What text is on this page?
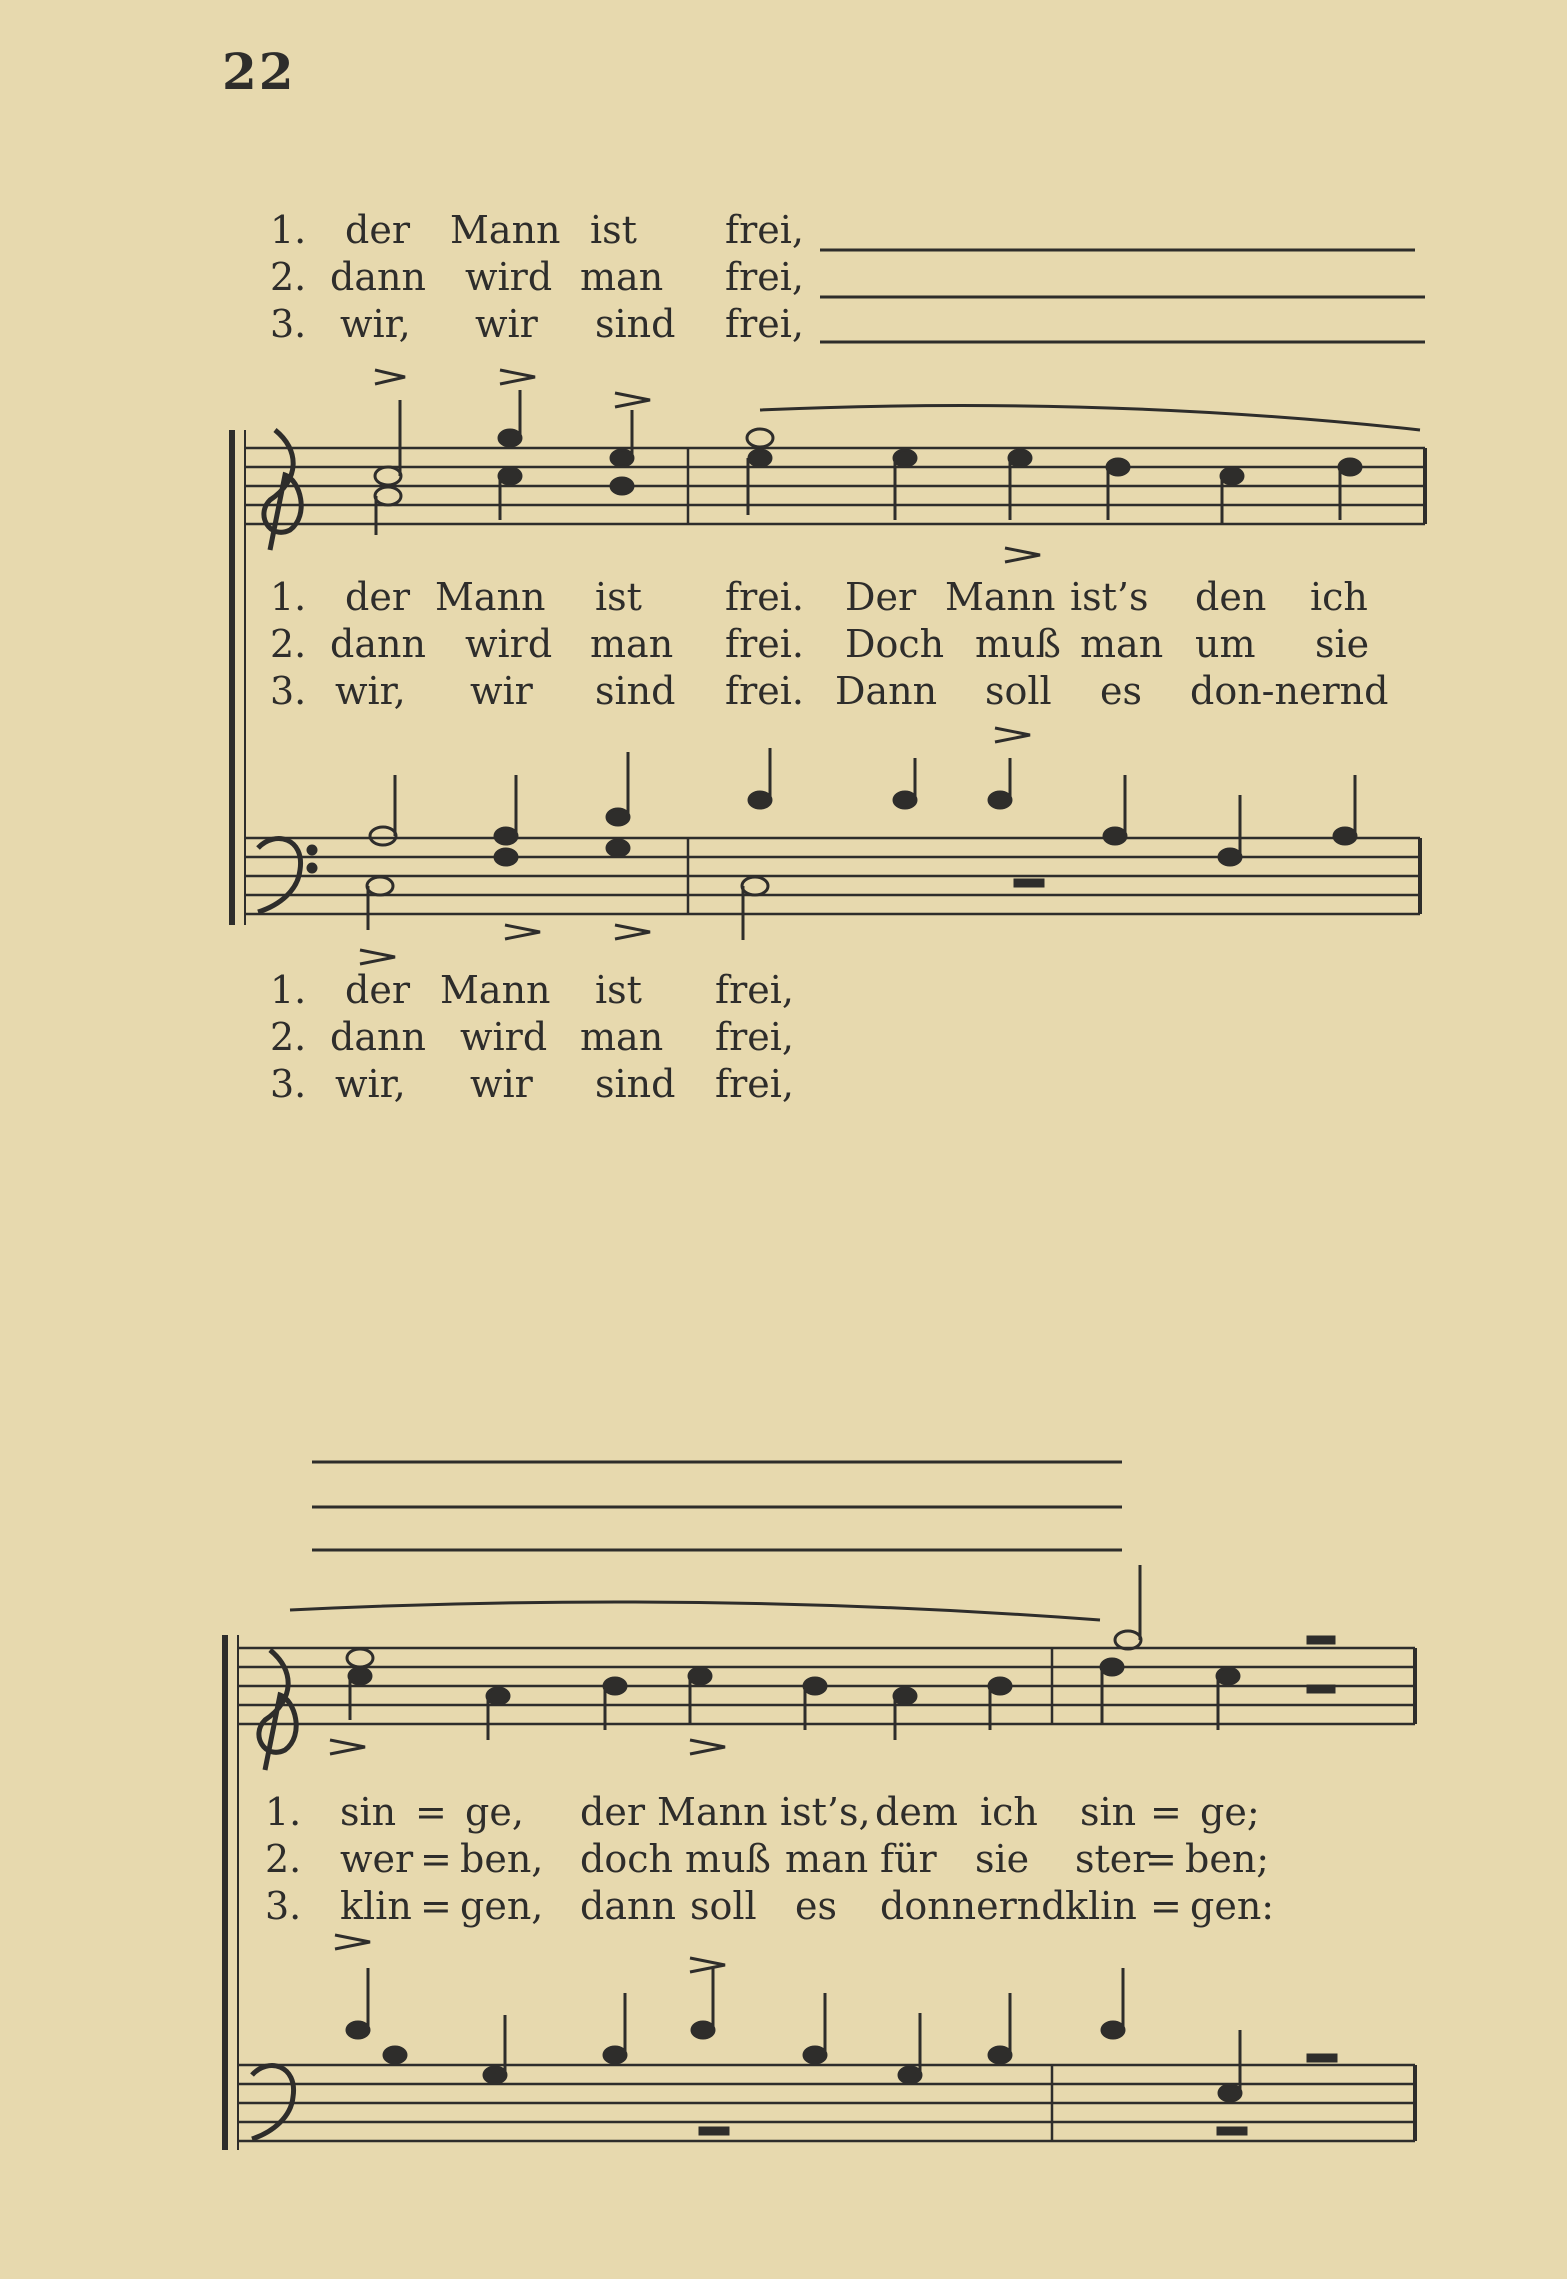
22
1. der Mann ist frei,
2. dann wird man frei,
3. wir, wir sind frei,
1. der Mann ist frei. Der Mann ist’s den ich
2. dann wird man frei. Doch muß man um sie
3. wir, wir sind frei. Dann soll es don-nernd
1. der Mann ist frei,
2. dann wird man frei,
3. wir, wir sind frei,
1. sin = ge, der Mann ist’s, dem ich sin = ge;
2. wer = ben, doch muß man für sie ster
= ben;
3. klin = gen, dann soll es donnernd klin = gen:
